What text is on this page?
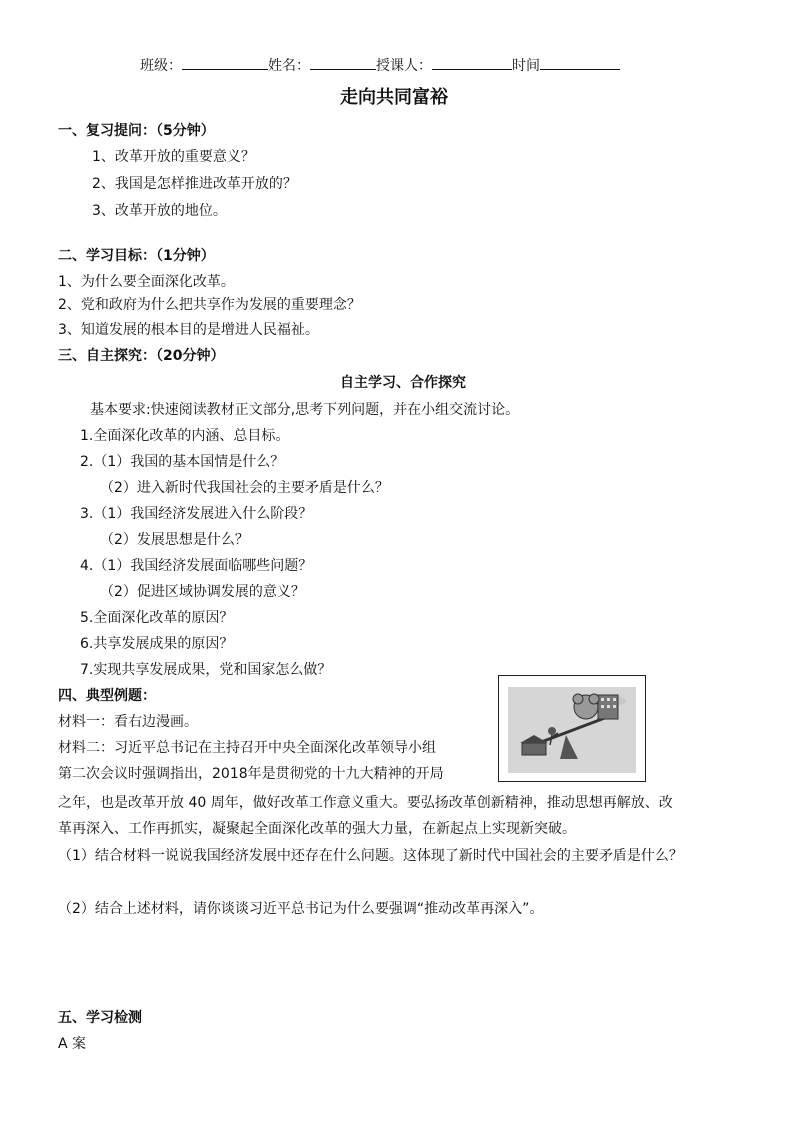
班级：	姓名：	授课人：	时间
走向共同富裕
一、复习提问：（5分钟）
1、改革开放的重要意义？
2、我国是怎样推进改革开放的？
3、改革开放的地位。
二、学习目标：（1分钟）
1、为什么要全面深化改革。
2、党和政府为什么把共享作为发展的重要理念？
3、知道发展的根本目的是增进人民福祉。
三、自主探究：（20分钟）
自主学习、合作探究
基本要求:快速阅读教材正文部分,思考下列问题，并在小组交流讨论。
1.全面深化改革的内涵、总目标。
2.（1）我国的基本国情是什么？
（2）进入新时代我国社会的主要矛盾是什么？
3.（1）我国经济发展进入什么阶段？
（2）发展思想是什么？
4.（1）我国经济发展面临哪些问题？
（2）促进区域协调发展的意义？
5.全面深化改革的原因？
6.共享发展成果的原因？
7.实现共享发展成果，党和国家怎么做？
四、典型例题：
材料一：看右边漫画。
材料二：习近平总书记在主持召开中央全面深化改革领导小组
第二次会议时强调指出，2018年是贯彻党的十九大精神的开局
之年，也是改革开放 40 周年，做好改革工作意义重大。要弘扬改革创新精神，推动思想再解放、改
革再深入、工作再抓实，凝聚起全面深化改革的强大力量，在新起点上实现新突破。
（1）结合材料一说说我国经济发展中还存在什么问题。这体现了新时代中国社会的主要矛盾是什么？
（2）结合上述材料，请你谈谈习近平总书记为什么要强调“推动改革再深入”。
五、学习检测
A 案
